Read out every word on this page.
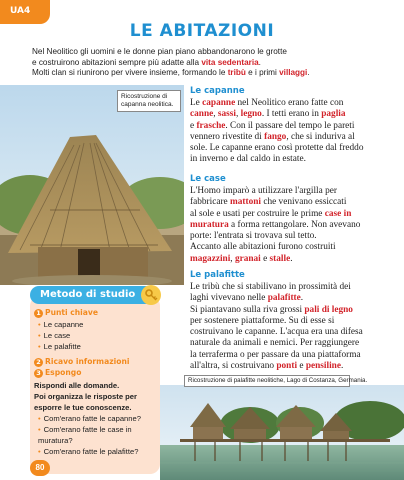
UA4
LE ABITAZIONI
Nel Neolitico gli uomini e le donne pian piano abbandonarono le grotte
e costruirono abitazioni sempre più adatte alla vita sedentaria.
Molti clan si riunirono per vivere insieme, formando le tribù e i primi villaggi.
Ricostruzione di capanna neolitica.
Le capanne
Le capanne nel Neolitico erano fatte con
canne, sassi, legno. I tetti erano in paglia
e frasche. Con il passare del tempo le pareti
vennero rivestite di fango, che si induriva al
sole. Le capanne erano così protette dal freddo
in inverno e dal caldo in estate.
Le case
L'Homo imparò a utilizzare l'argilla per
fabbricare mattoni che venivano essiccati
al sole e usati per costruire le prime case in
muratura a forma rettangolare. Non avevano
porte: l'entrata si trovava sul tetto.
Accanto alle abitazioni furono costruiti
magazzini, granai e stalle.
Le palafitte
Le tribù che si stabilivano in prossimità dei
laghi vivevano nelle palafitte.
Si piantavano sulla riva grossi pali di legno
per sostenere piattaforme. Su di esse si
costruivano le capanne. L'acqua era una difesa
naturale da animali e nemici. Per raggiungere
la terraferma o per passare da una piattaforma
all'altra, si costruivano ponti e pensiline.
Metodo di studio
1 Punti chiave
• Le capanne
• Le case
• Le palafitte
2 Ricavo informazioni
3 Espongo
Rispondi alle domande.
Poi organizza le risposte per esporre le tue conoscenze.
• Com'erano fatte le capanne?
• Com'erano fatte le case in muratura?
• Com'erano fatte le palafitte?
Ricostruzione di palafitte neolitiche, Lago di Costanza, Germania.
80
